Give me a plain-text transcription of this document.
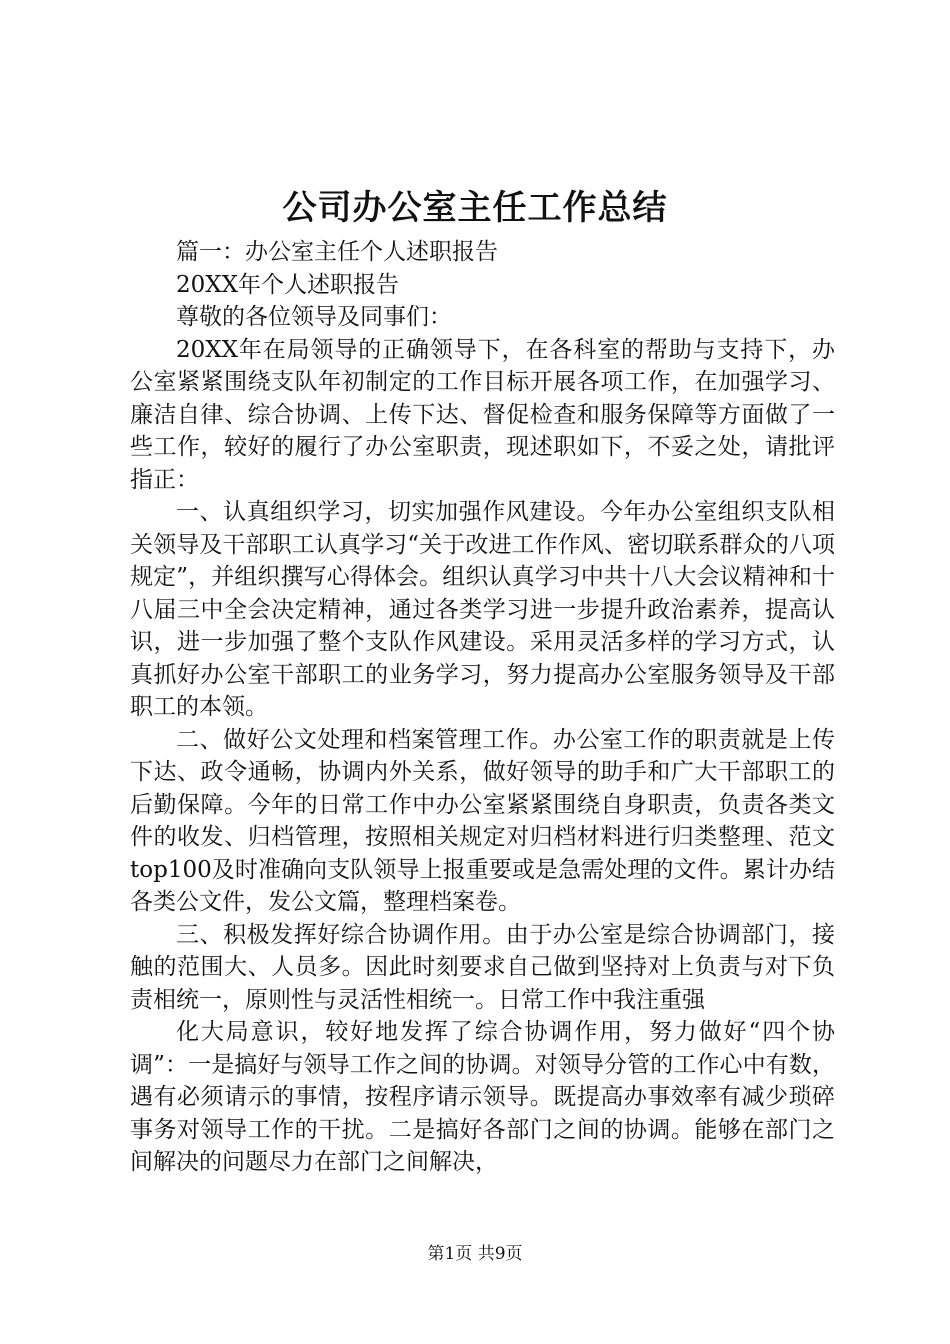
公司办公室主任工作总结

篇一：办公室主任个人述职报告

20XX年个人述职报告

尊敬的各位领导及同事们：

20XX年在局领导的正确领导下，在各科室的帮助与支持下，办公室紧紧围绕支队年初制定的工作目标开展各项工作，在加强学习、廉洁自律、综合协调、上传下达、督促检查和服务保障等方面做了一些工作，较好的履行了办公室职责，现述职如下，不妥之处，请批评指正：

一、认真组织学习，切实加强作风建设。今年办公室组织支队相关领导及干部职工认真学习“关于改进工作作风、密切联系群众的八项规定”，并组织撰写心得体会。组织认真学习中共十八大会议精神和十八届三中全会决定精神，通过各类学习进一步提升政治素养，提高认识，进一步加强了整个支队作风建设。采用灵活多样的学习方式，认真抓好办公室干部职工的业务学习，努力提高办公室服务领导及干部职工的本领。

二、做好公文处理和档案管理工作。办公室工作的职责就是上传下达、政令通畅，协调内外关系，做好领导的助手和广大干部职工的后勤保障。今年的日常工作中办公室紧紧围绕自身职责，负责各类文件的收发、归档管理，按照相关规定对归档材料进行归类整理、范文top100及时准确向支队领导上报重要或是急需处理的文件。累计办结各类公文件，发公文篇，整理档案卷。

三、积极发挥好综合协调作用。由于办公室是综合协调部门，接触的范围大、人员多。因此时刻要求自己做到坚持对上负责与对下负责相统一，原则性与灵活性相统一。日常工作中我注重强

化大局意识，较好地发挥了综合协调作用，努力做好“四个协调”：一是搞好与领导工作之间的协调。对领导分管的工作心中有数，遇有必须请示的事情，按程序请示领导。既提高办事效率有减少琐碎事务对领导工作的干扰。二是搞好各部门之间的协调。能够在部门之间解决的问题尽力在部门之间解决，

第1页 共9页
